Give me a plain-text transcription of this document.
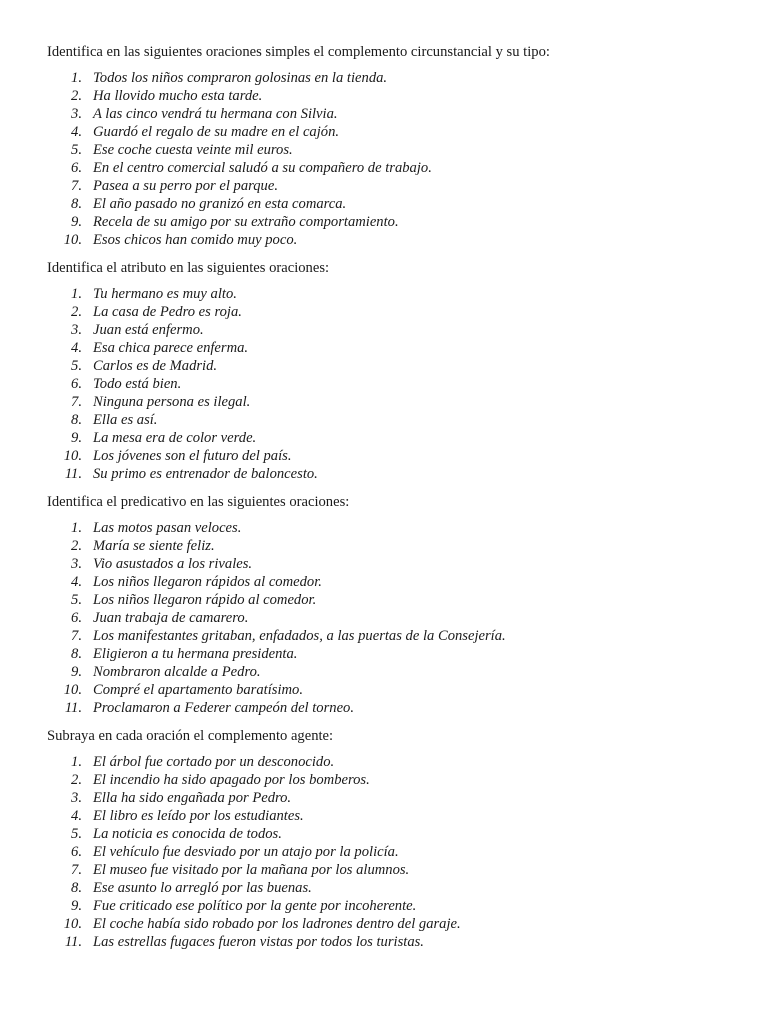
Identifica en las siguientes oraciones simples el complemento circunstancial y su tipo:
1. Todos los niños compraron golosinas en la tienda.
2. Ha llovido mucho esta tarde.
3. A las cinco vendrá tu hermana con Silvia.
4. Guardó el regalo de su madre en el cajón.
5. Ese coche cuesta veinte mil euros.
6. En el centro comercial saludó a su compañero de trabajo.
7. Pasea a su perro por el parque.
8. El año pasado no granizó en esta comarca.
9. Recela de su amigo por su extraño comportamiento.
10. Esos chicos han comido muy poco.
Identifica el atributo en las siguientes oraciones:
1. Tu hermano es muy alto.
2. La casa de Pedro es roja.
3. Juan está enfermo.
4. Esa chica parece enferma.
5. Carlos es de Madrid.
6. Todo está bien.
7. Ninguna persona es ilegal.
8. Ella es así.
9. La mesa era de color verde.
10. Los jóvenes son el futuro del país.
11. Su primo es entrenador de baloncesto.
Identifica el predicativo en las siguientes oraciones:
1. Las motos pasan veloces.
2. María se siente feliz.
3. Vio asustados a los rivales.
4. Los niños llegaron rápidos al comedor.
5. Los niños llegaron rápido al comedor.
6. Juan trabaja de camarero.
7. Los manifestantes gritaban, enfadados, a las puertas de la Consejería.
8. Eligieron a tu hermana presidenta.
9. Nombraron alcalde a Pedro.
10. Compré el apartamento baratísimo.
11. Proclamaron a Federer campeón del torneo.
Subraya en cada oración el complemento agente:
1. El árbol fue cortado por un desconocido.
2. El incendio ha sido apagado por los bomberos.
3. Ella ha sido engañada por Pedro.
4. El libro es leído por los estudiantes.
5. La noticia es conocida de todos.
6. El vehículo fue desviado por un atajo por la policía.
7. El museo fue visitado por la mañana por los alumnos.
8. Ese asunto lo arregló por las buenas.
9. Fue criticado ese político por la gente por incoherente.
10. El coche había sido robado por los ladrones dentro del garaje.
11. Las estrellas fugaces fueron vistas por todos los turistas.
